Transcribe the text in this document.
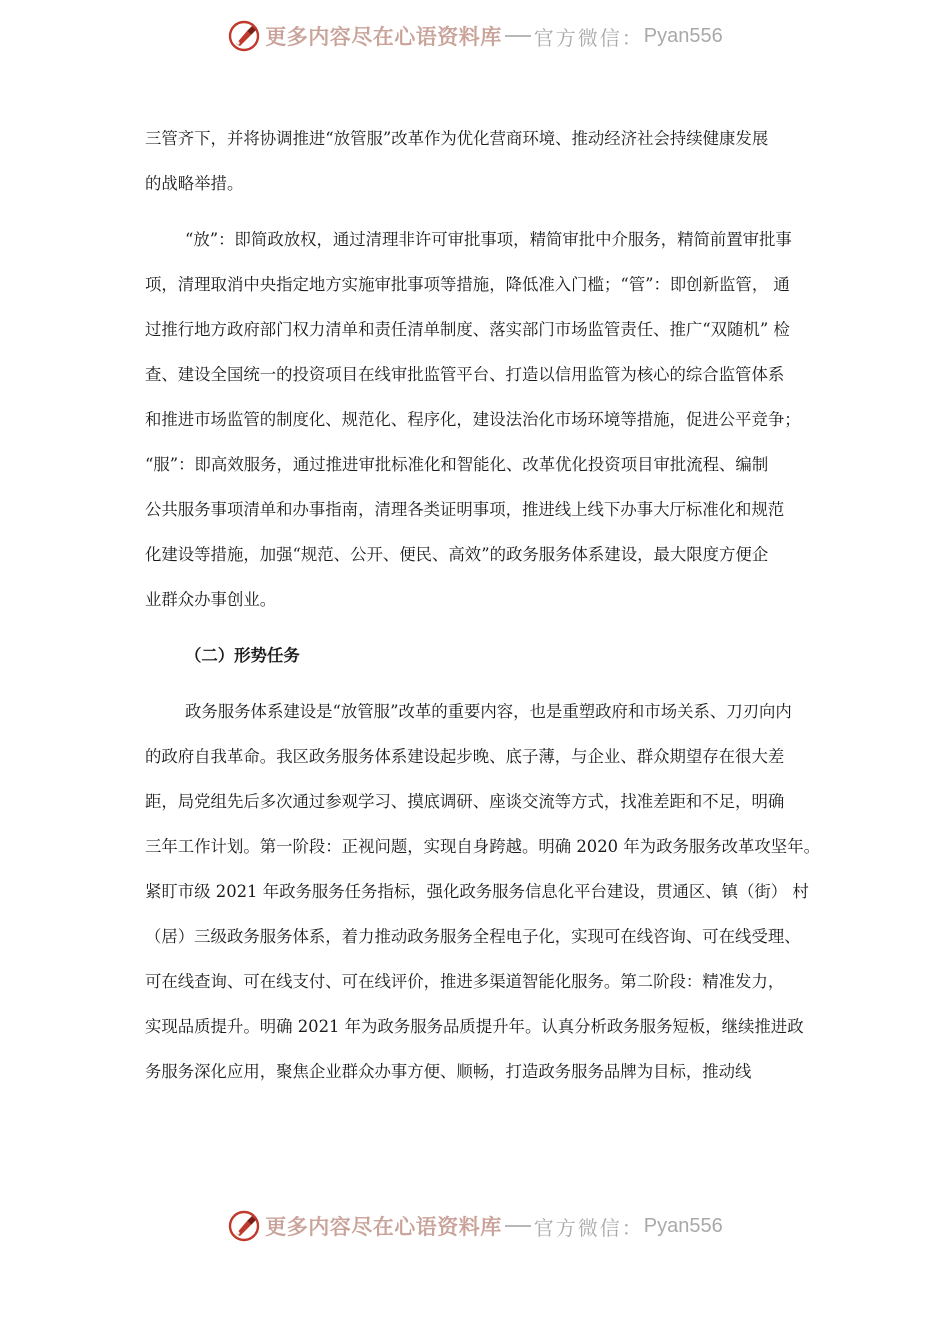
更多内容尽在心语资料库 官方微信： Pyan556
三管齐下，并将协调推进“放管服”改革作为优化营商环境、推动经济社会持续健康发展
的战略举措。
“放”：即简政放权，通过清理非许可审批事项，精简审批中介服务，精简前置审批事
项，清理取消中央指定地方实施审批事项等措施，降低准入门槛；“管”：即创新监管， 通
过推行地方政府部门权力清单和责任清单制度、落实部门市场监管责任、推广“双随机” 检
查、建设全国统一的投资项目在线审批监管平台、打造以信用监管为核心的综合监管体系
和推进市场监管的制度化、规范化、程序化，建设法治化市场环境等措施，促进公平竞争；
“服”：即高效服务，通过推进审批标准化和智能化、改革优化投资项目审批流程、编制
公共服务事项清单和办事指南，清理各类证明事项，推进线上线下办事大厅标准化和规范
化建设等措施，加强“规范、公开、便民、高效”的政务服务体系建设，最大限度方便企
业群众办事创业。
（二）形势任务
政务服务体系建设是“放管服”改革的重要内容，也是重塑政府和市场关系、刀刃向内
的政府自我革命。我区政务服务体系建设起步晚、底子薄，与企业、群众期望存在很大差
距，局党组先后多次通过参观学习、摸底调研、座谈交流等方式，找准差距和不足，明确
三年工作计划。第一阶段：正视问题，实现自身跨越。明确 2020 年为政务服务改革攻坚年。
紧盯市级 2021 年政务服务任务指标，强化政务服务信息化平台建设，贯通区、镇（街） 村
（居）三级政务服务体系，着力推动政务服务全程电子化，实现可在线咨询、可在线受理、
可在线查询、可在线支付、可在线评价，推进多渠道智能化服务。第二阶段：精准发力，
实现品质提升。明确 2021 年为政务服务品质提升年。认真分析政务服务短板，继续推进政
务服务深化应用，聚焦企业群众办事方便、顺畅，打造政务服务品牌为目标，推动线
更多内容尽在心语资料库 官方微信： Pyan556
